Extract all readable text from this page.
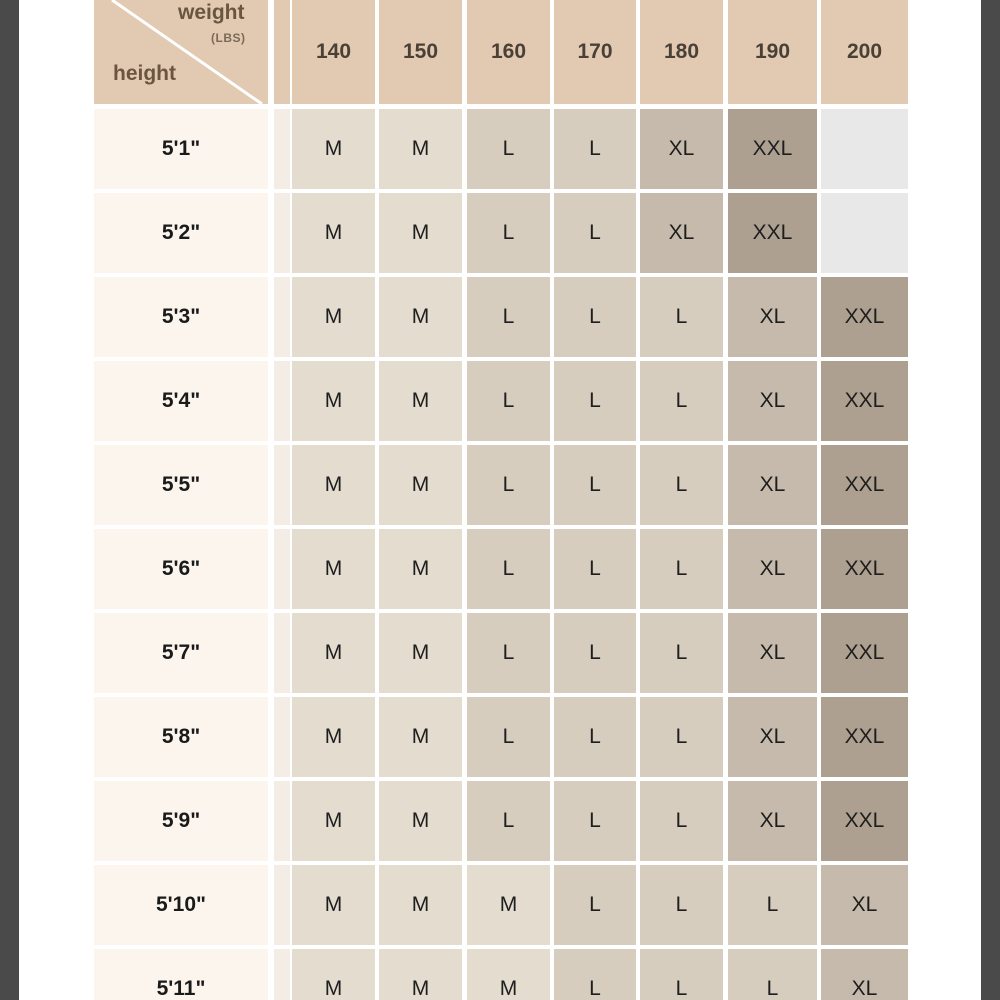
weight
(LBS)
height
140	150	160	170	180	190	200
5'1"	M	M	L	L	XL	XXL
5'2"	M	M	L	L	XL	XXL
5'3"	M	M	L	L	L	XL	XXL
5'4"	M	M	L	L	L	XL	XXL
5'5"	M	M	L	L	L	XL	XXL
5'6"	M	M	L	L	L	XL	XXL
5'7"	M	M	L	L	L	XL	XXL
5'8"	M	M	L	L	L	XL	XXL
5'9"	M	M	L	L	L	XL	XXL
5'10"	M	M	M	L	L	L	XL
5'11"	M	M	M	L	L	L	XL
